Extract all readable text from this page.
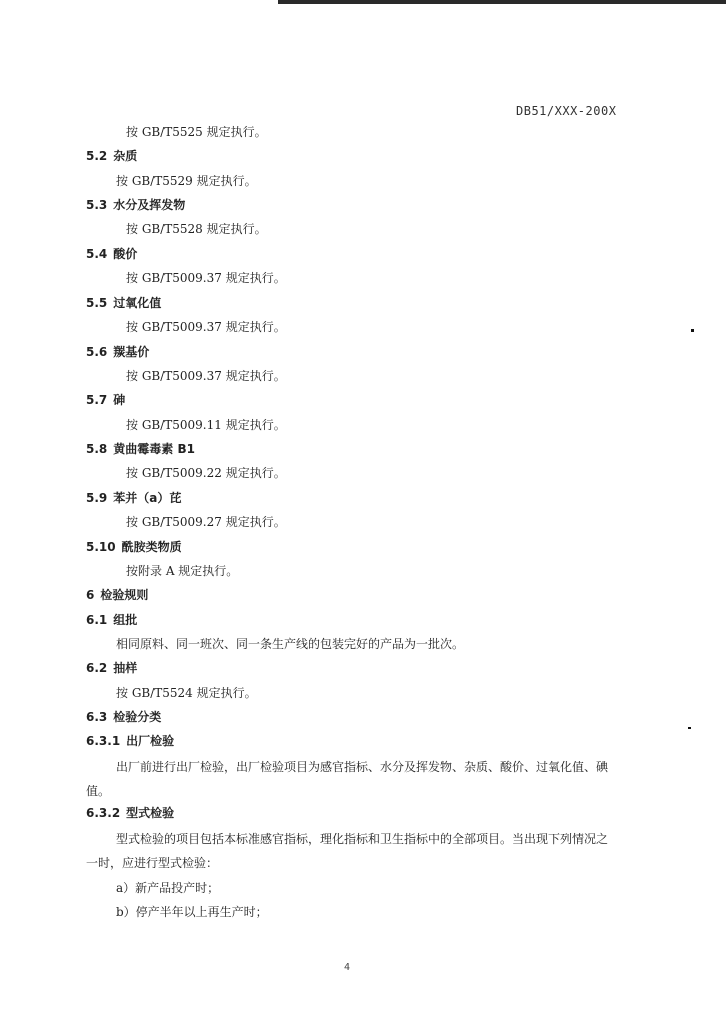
DB51/XXX-200X
按 GB/T5525 规定执行。
5.2 杂质
按 GB/T5529 规定执行。
5.3 水分及挥发物
按 GB/T5528 规定执行。
5.4 酸价
按 GB/T5009.37 规定执行。
5.5 过氧化值
按 GB/T5009.37 规定执行。
5.6 羰基价
按 GB/T5009.37 规定执行。
5.7 砷
按 GB/T5009.11 规定执行。
5.8 黄曲霉毒素 B1
按 GB/T5009.22 规定执行。
5.9 苯并（a）芘
按 GB/T5009.27 规定执行。
5.10 酰胺类物质
按附录 A 规定执行。
6 检验规则
6.1 组批
相同原料、同一班次、同一条生产线的包装完好的产品为一批次。
6.2 抽样
按 GB/T5524 规定执行。
6.3 检验分类
6.3.1 出厂检验
出厂前进行出厂检验，出厂检验项目为感官指标、水分及挥发物、杂质、酸价、过氧化值、碘值。
6.3.2 型式检验
型式检验的项目包括本标准感官指标，理化指标和卫生指标中的全部项目。当出现下列情况之一时，应进行型式检验：
a）新产品投产时；
b）停产半年以上再生产时；
4
